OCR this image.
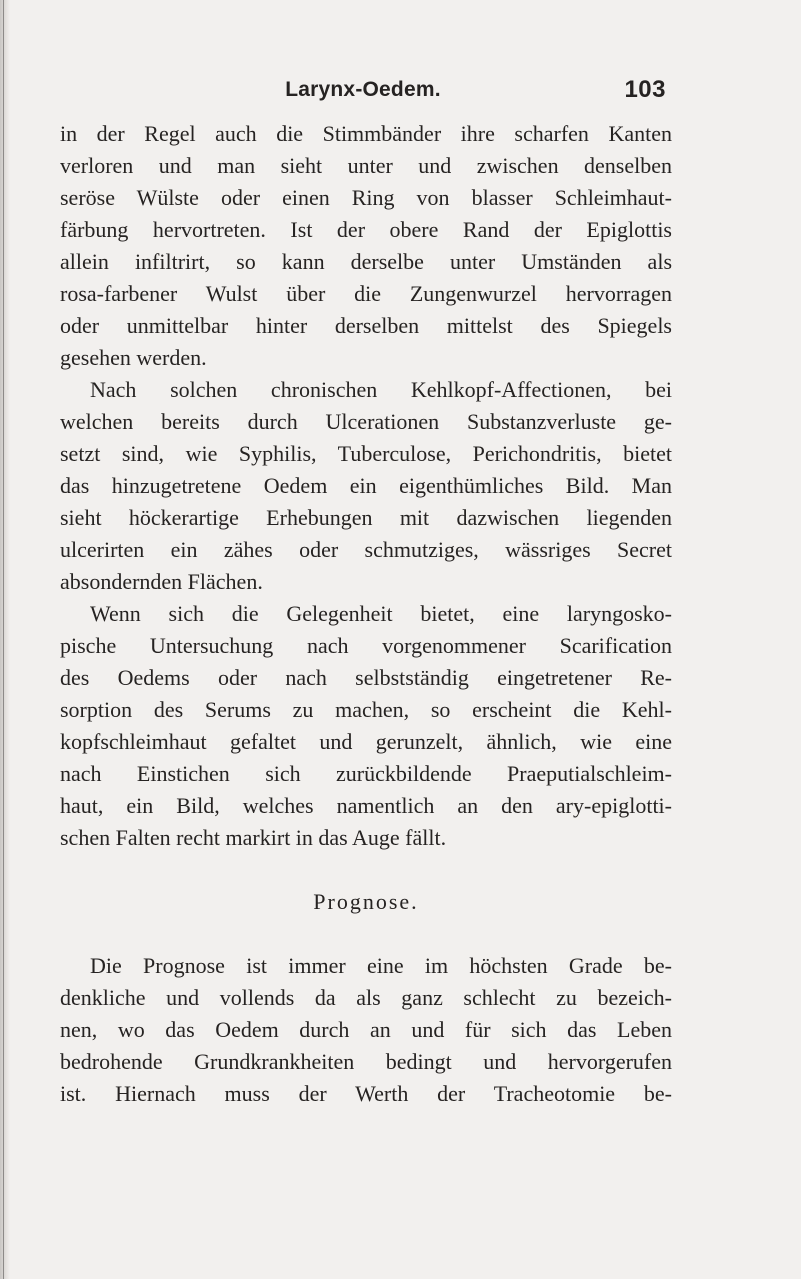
Larynx-Oedem.	103
in der Regel auch die Stimmbänder ihre scharfen Kanten
verloren und man sieht unter und zwischen denselben
seröse Wülste oder einen Ring von blasser Schleimhaut-
färbung hervortreten. Ist der obere Rand der Epiglottis
allein infiltrirt, so kann derselbe unter Umständen als
rosa-farbener Wulst über die Zungenwurzel hervorragen
oder unmittelbar hinter derselben mittelst des Spiegels
gesehen werden.
Nach solchen chronischen Kehlkopf-Affectionen, bei
welchen bereits durch Ulcerationen Substanzverluste ge-
setzt sind, wie Syphilis, Tuberculose, Perichondritis, bietet
das hinzugetretene Oedem ein eigenthümliches Bild. Man
sieht höckerartige Erhebungen mit dazwischen liegenden
ulcerirten ein zähes oder schmutziges, wässriges Secret
absondernden Flächen.
Wenn sich die Gelegenheit bietet, eine laryngosko-
pische Untersuchung nach vorgenommener Scarification
des Oedems oder nach selbstständig eingetretener Re-
sorption des Serums zu machen, so erscheint die Kehl-
kopfschleimhaut gefaltet und gerunzelt, ähnlich, wie eine
nach Einstichen sich zurückbildende Praeputialschleim-
haut, ein Bild, welches namentlich an den ary-epiglotti-
schen Falten recht markirt in das Auge fällt.
Prognose.
Die Prognose ist immer eine im höchsten Grade be-
denkliche und vollends da als ganz schlecht zu bezeich-
nen, wo das Oedem durch an und für sich das Leben
bedrohende Grundkrankheiten bedingt und hervorgerufen
ist. Hiernach muss der Werth der Tracheotomie be-
